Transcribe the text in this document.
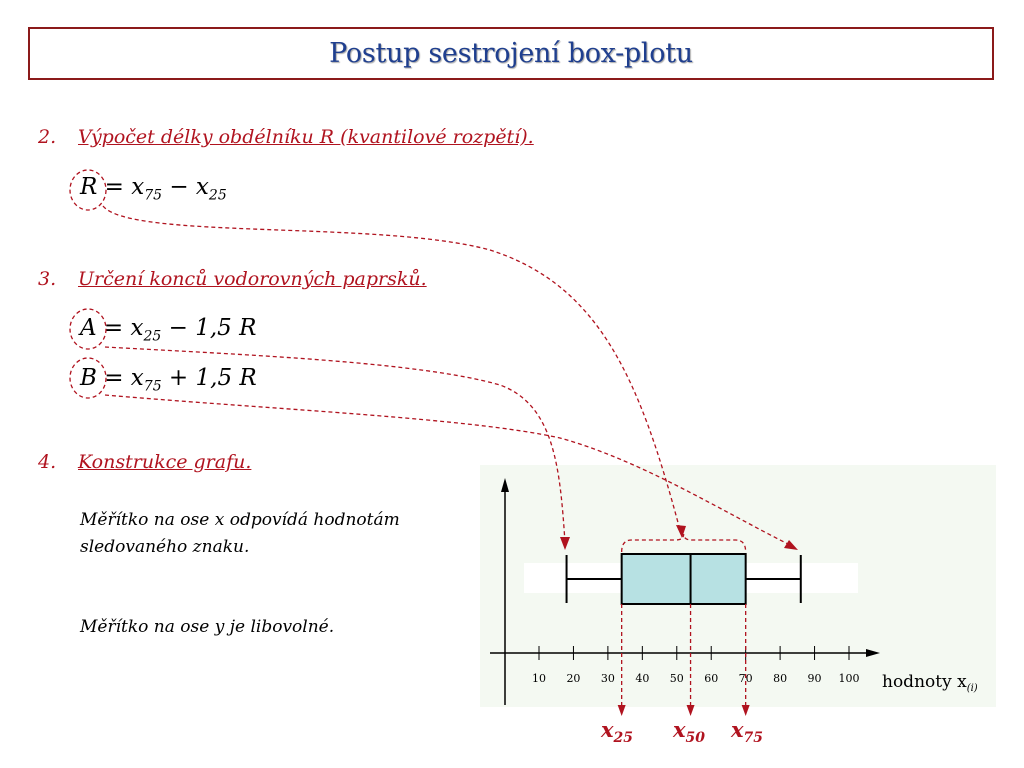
Postup sestrojení box-plotu
2.	Výpočet délky obdélníku R (kvantilové rozpětí).
$R = x_{75} - x_{25}$
3.	Určení konců vodorovných paprsků.
$A = x_{25} - 1,5$ R
$B = x_{75} + 1,5$ R
4.	Konstrukce grafu.
Měřítko na ose x odpovídá hodnotám sledovaného znaku.
Měřítko na ose y je libovolné.
10 20 30 40 50 60 70 80 90 100 hodnoty $x_{(i)}$
$x_{25}$ $x_{50}$ $x_{75}$
